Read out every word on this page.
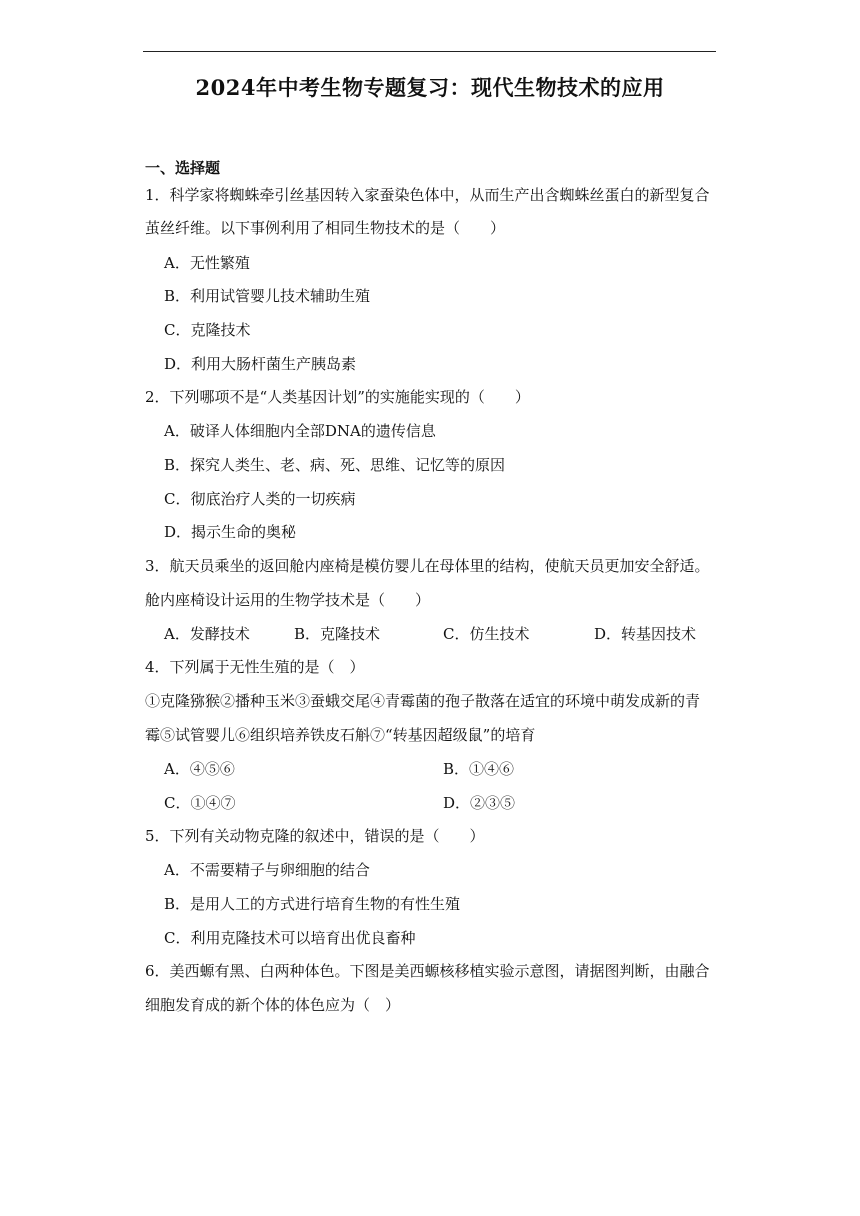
2024年中考生物专题复习：现代生物技术的应用
一、选择题
1．科学家将蜘蛛牵引丝基因转入家蚕染色体中，从而生产出含蜘蛛丝蛋白的新型复合
茧丝纤维。以下事例利用了相同生物技术的是（　　）
A．无性繁殖
B．利用试管婴儿技术辅助生殖
C．克隆技术
D．利用大肠杆菌生产胰岛素
2．下列哪项不是“人类基因计划”的实施能实现的（　　）
A．破译人体细胞内全部DNA的遗传信息
B．探究人类生、老、病、死、思维、记忆等的原因
C．彻底治疗人类的一切疾病
D．揭示生命的奥秘
3．航天员乘坐的返回舱内座椅是模仿婴儿在母体里的结构，使航天员更加安全舒适。
舱内座椅设计运用的生物学技术是（　　）
A．发酵技术	B．克隆技术	C．仿生技术	D．转基因技术
4．下列属于无性生殖的是（　）
①克隆猕猴②播种玉米③蚕蛾交尾④青霉菌的孢子散落在适宜的环境中萌发成新的青
霉⑤试管婴儿⑥组织培养铁皮石斛⑦“转基因超级鼠”的培育
A．④⑤⑥	B．①④⑥
C．①④⑦	D．②③⑤
5．下列有关动物克隆的叙述中，错误的是（　　）
A．不需要精子与卵细胞的结合
B．是用人工的方式进行培育生物的有性生殖
C．利用克隆技术可以培育出优良畜种
6．美西螈有黑、白两种体色。下图是美西螈核移植实验示意图，请据图判断，由融合
细胞发育成的新个体的体色应为（　）
